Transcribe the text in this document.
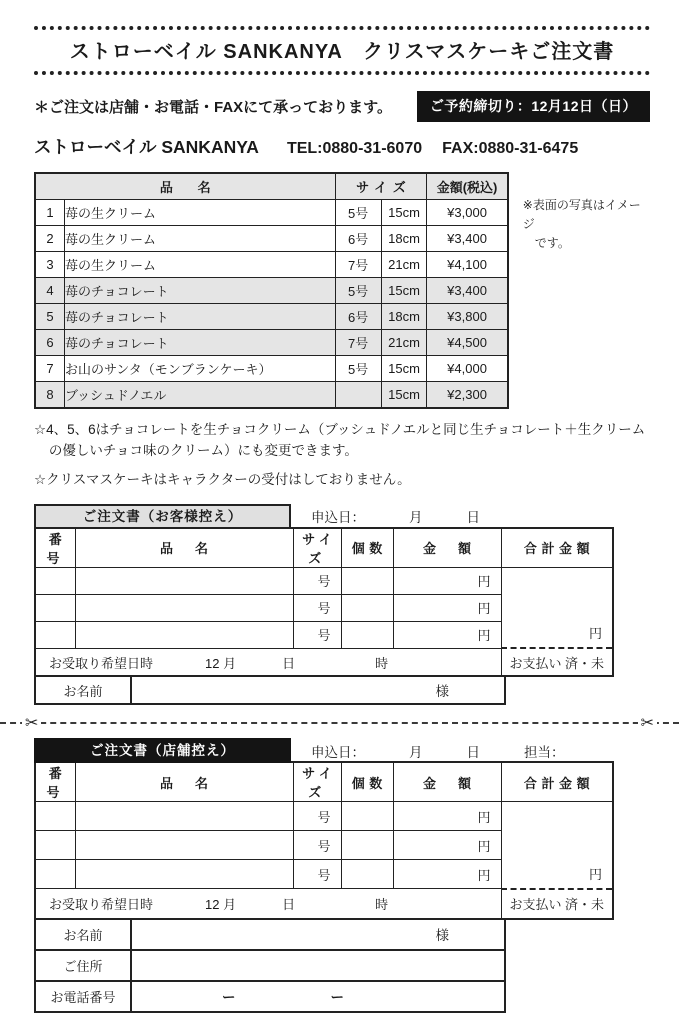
ストローベイル SANKANYA　クリスマスケーキご注文書
＊ご注文は店舗・お電話・FAXにて承っております。	ご予約締切り：12月12日（日）
ストローベイル SANKANYA TEL:0880-31-6070 FAX:0880-31-6475
品　名		サイズ		金額(税込)
1	苺の生クリーム	5号	15cm	¥3,000
2	苺の生クリーム	6号	18cm	¥3,400
3	苺の生クリーム	7号	21cm	¥4,100
4	苺のチョコレート	5号	15cm	¥3,400
5	苺のチョコレート	6号	18cm	¥3,800
6	苺のチョコレート	7号	21cm	¥4,500
7	お山のサンタ（モンブランケーキ）	5号	15cm	¥4,000
8	ブッシュドノエル		15cm	¥2,300
※表面の写真はイメージ
です。
☆4、5、6はチョコレートを生チョコクリーム（ブッシュドノエルと同じ生チョコレート＋生クリームの優しいチョコ味のクリーム）にも変更できます。
☆クリスマスケーキはキャラクターの受付はしておりません。
ご注文書（お客様控え）	申込日：	月	日
番号	品　名	サイズ	個数	金　額	合計金額
		号		円	円
		号		円	
		号		円	
お受取り希望日時 12 月 日 時					お支払い 済・未
お名前	様
✂	✂
ご注文書（店舗控え）	申込日：	月	日	担当：
番号	品　名	サイズ	個数	金　額	合計金額
		号		円	円
		号		円	
		号		円	
お受取り希望日時 12 月 日 時					お支払い 済・未
お名前	様
ご住所
お電話番号	ー	ー
